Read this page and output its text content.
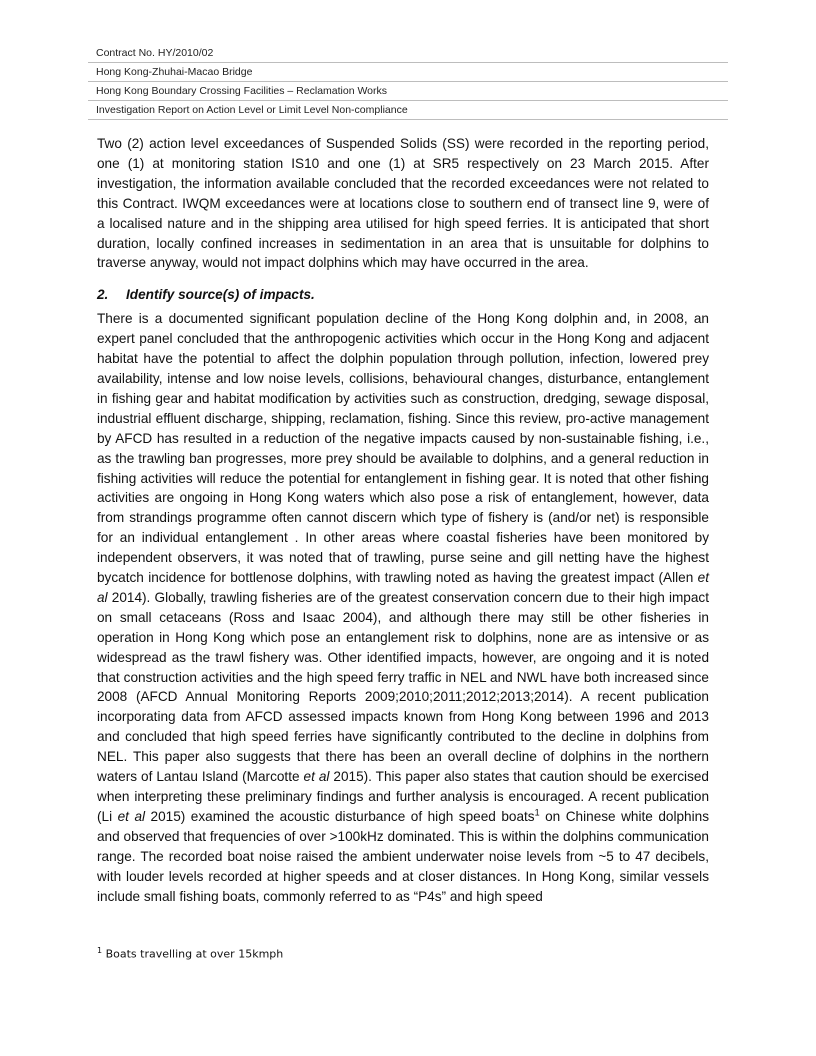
Contract No. HY/2010/02
Hong Kong-Zhuhai-Macao Bridge
Hong Kong Boundary Crossing Facilities – Reclamation Works
Investigation Report on Action Level or Limit Level Non-compliance

Two (2) action level exceedances of Suspended Solids (SS) were recorded in the reporting period, one (1) at monitoring station IS10 and one (1) at SR5 respectively on 23 March 2015. After investigation, the information available concluded that the recorded exceedances were not related to this Contract. IWQM exceedances were at locations close to southern end of transect line 9, were of a localised nature and in the shipping area utilised for high speed ferries. It is anticipated that short duration, locally confined increases in sedimentation in an area that is unsuitable for dolphins to traverse anyway, would not impact dolphins which may have occurred in the area.

2.	Identify source(s) of impacts.

There is a documented significant population decline of the Hong Kong dolphin and, in 2008, an expert panel concluded that the anthropogenic activities which occur in the Hong Kong and adjacent habitat have the potential to affect the dolphin population through pollution, infection, lowered prey availability, intense and low noise levels, collisions, behavioural changes, disturbance, entanglement in fishing gear and habitat modification by activities such as construction, dredging, sewage disposal, industrial effluent discharge, shipping, reclamation, fishing. Since this review, pro-active management by AFCD has resulted in a reduction of the negative impacts caused by non-sustainable fishing, i.e., as the trawling ban progresses, more prey should be available to dolphins, and a general reduction in fishing activities will reduce the potential for entanglement in fishing gear. It is noted that other fishing activities are ongoing in Hong Kong waters which also pose a risk of entanglement, however, data from strandings programme often cannot discern which type of fishery is (and/or net) is responsible for an individual entanglement . In other areas where coastal fisheries have been monitored by independent observers, it was noted that of trawling, purse seine and gill netting have the highest bycatch incidence for bottlenose dolphins, with trawling noted as having the greatest impact (Allen et al 2014). Globally, trawling fisheries are of the greatest conservation concern due to their high impact on small cetaceans (Ross and Isaac 2004), and although there may still be other fisheries in operation in Hong Kong which pose an entanglement risk to dolphins, none are as intensive or as widespread as the trawl fishery was. Other identified impacts, however, are ongoing and it is noted that construction activities and the high speed ferry traffic in NEL and NWL have both increased since 2008 (AFCD Annual Monitoring Reports 2009;2010;2011;2012;2013;2014). A recent publication incorporating data from AFCD assessed impacts known from Hong Kong between 1996 and 2013 and concluded that high speed ferries have significantly contributed to the decline in dolphins from NEL. This paper also suggests that there has been an overall decline of dolphins in the northern waters of Lantau Island (Marcotte et al 2015). This paper also states that caution should be exercised when interpreting these preliminary findings and further analysis is encouraged. A recent publication (Li et al 2015) examined the acoustic disturbance of high speed boats$^1$ on Chinese white dolphins and observed that frequencies of over >100kHz dominated. This is within the dolphins communication range. The recorded boat noise raised the ambient underwater noise levels from ~5 to 47 decibels, with louder levels recorded at higher speeds and at closer distances. In Hong Kong, similar vessels include small fishing boats, commonly referred to as “P4s” and high speed

$^1$ Boats travelling at over 15kmph
